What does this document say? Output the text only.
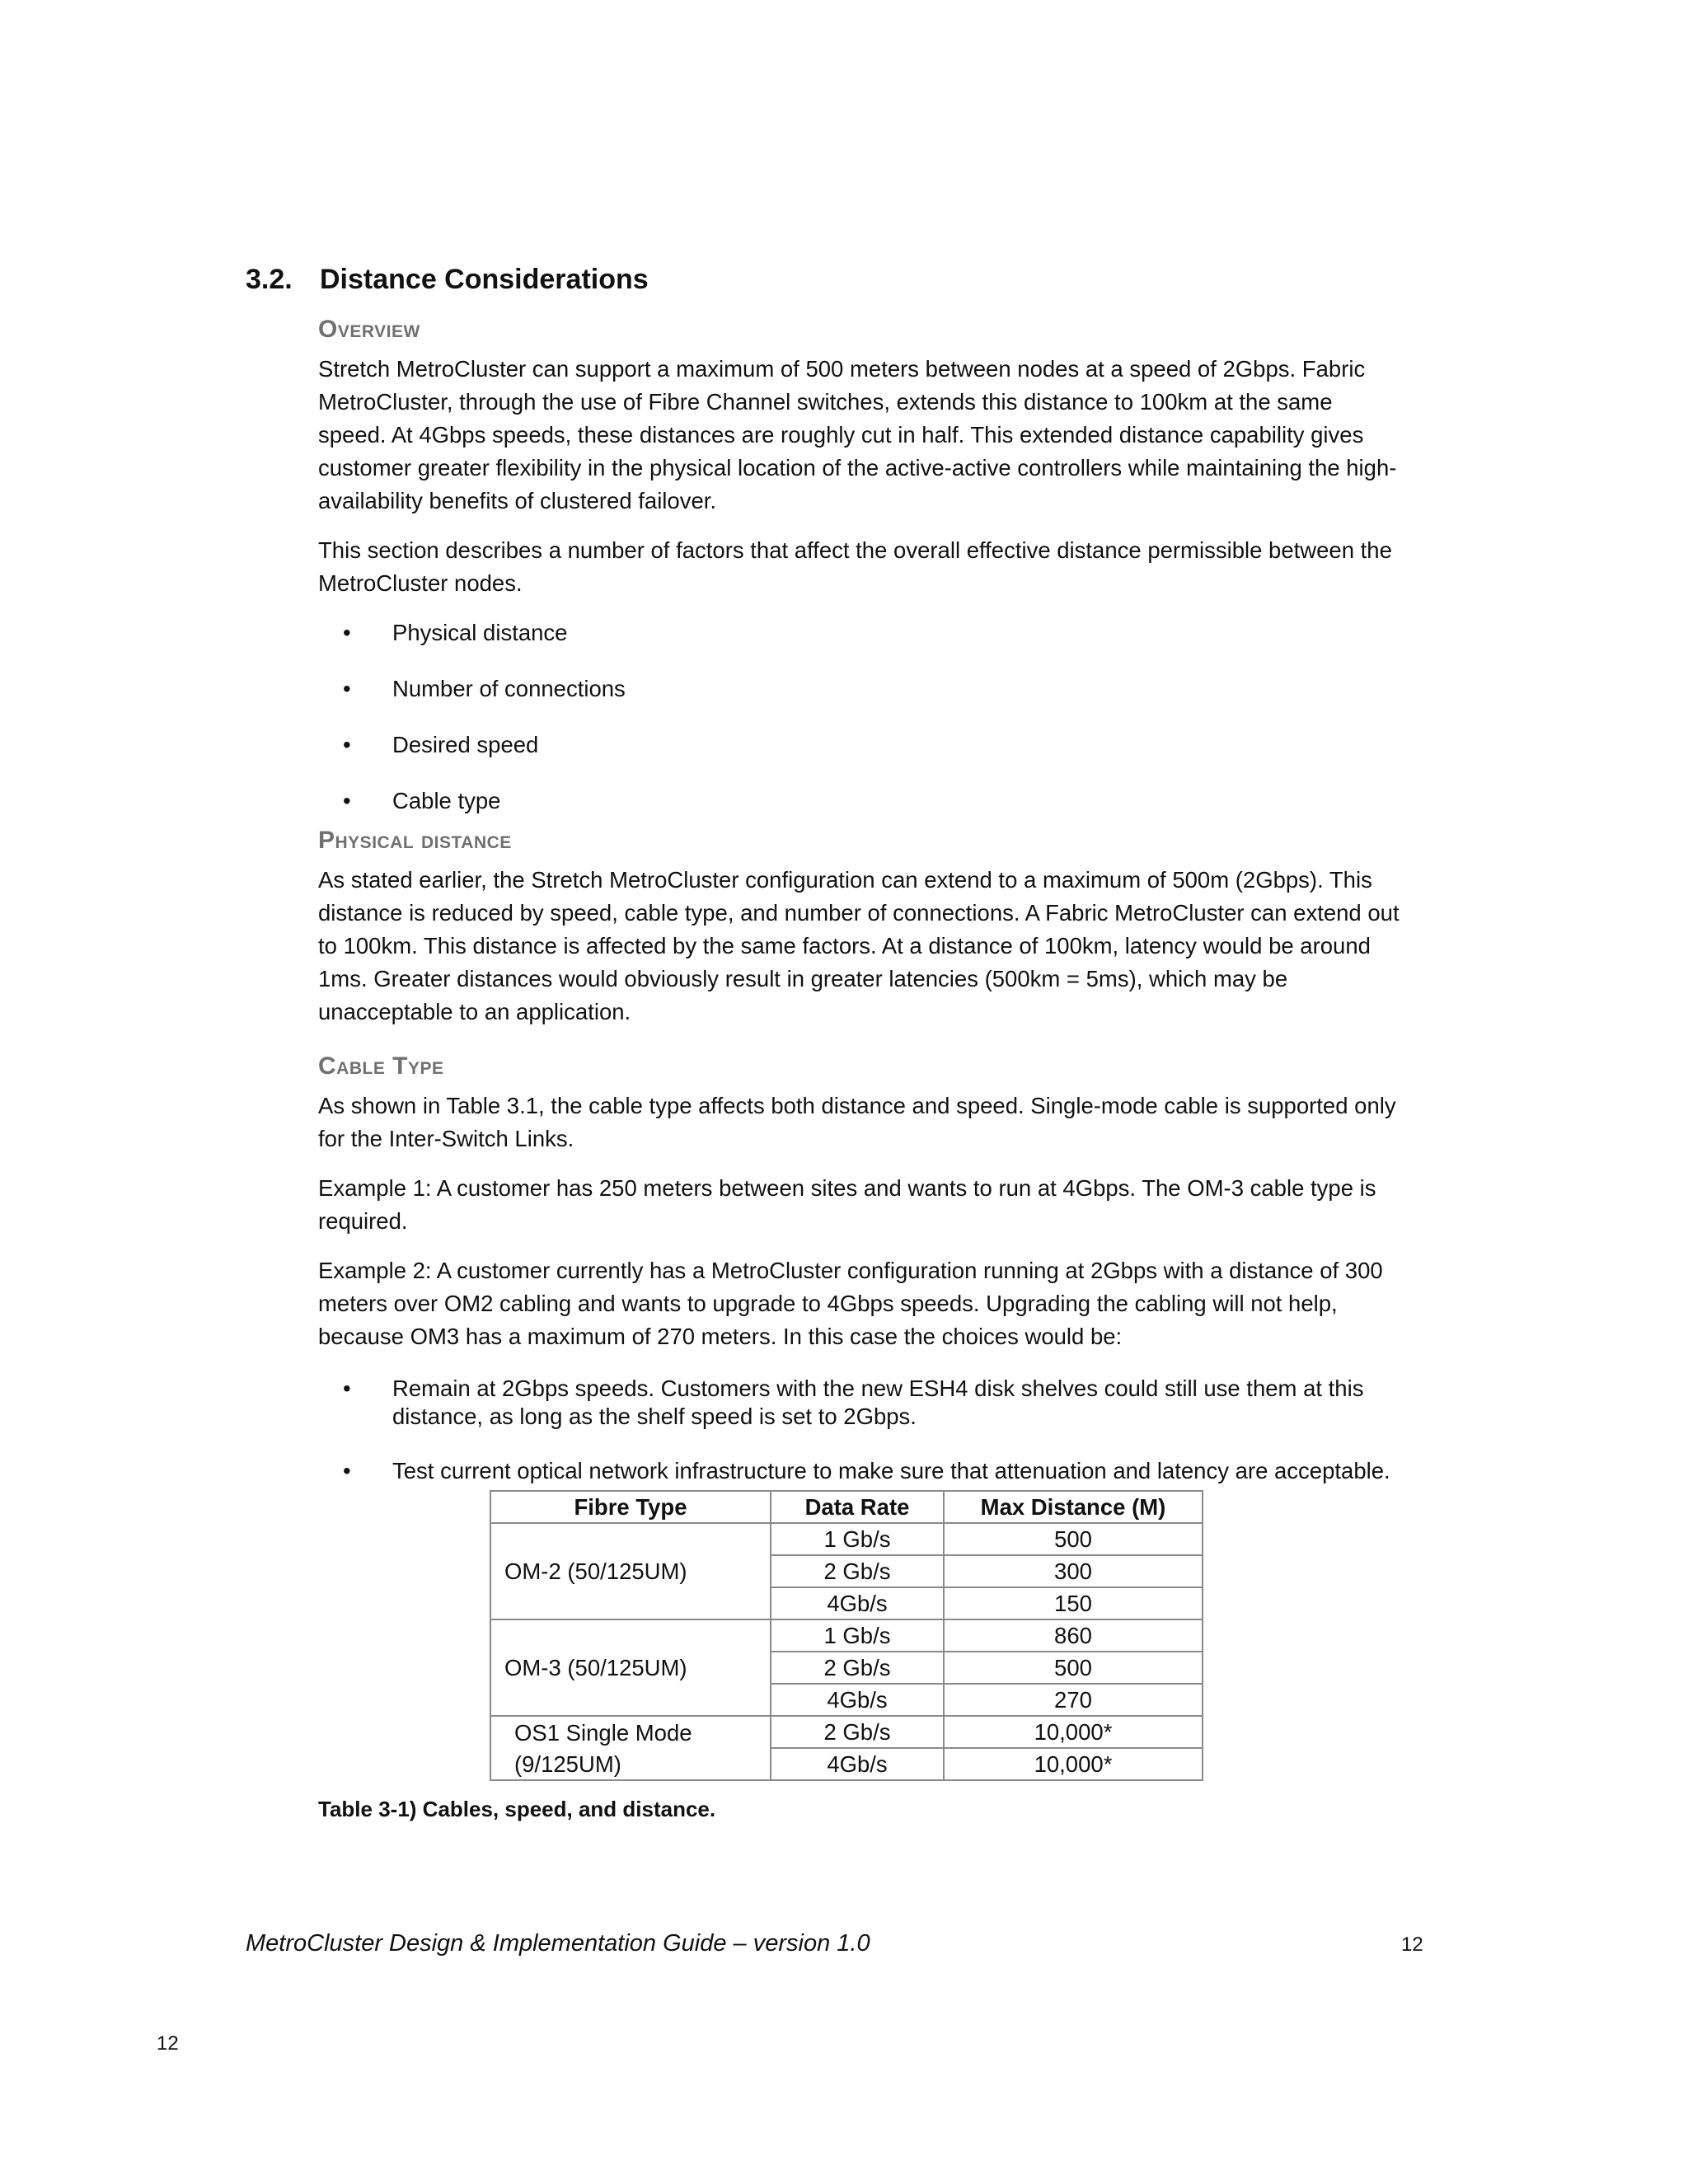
3.2. Distance Considerations
Overview

Stretch MetroCluster can support a maximum of 500 meters between nodes at a speed of 2Gbps. Fabric MetroCluster, through the use of Fibre Channel switches, extends this distance to 100km at the same speed. At 4Gbps speeds, these distances are roughly cut in half. This extended distance capability gives customer greater flexibility in the physical location of the active-active controllers while maintaining the high-availability benefits of clustered failover.

This section describes a number of factors that affect the overall effective distance permissible between the MetroCluster nodes.

• Physical distance
• Number of connections
• Desired speed
• Cable type
Physical distance

As stated earlier, the Stretch MetroCluster configuration can extend to a maximum of 500m (2Gbps). This distance is reduced by speed, cable type, and number of connections. A Fabric MetroCluster can extend out to 100km. This distance is affected by the same factors. At a distance of 100km, latency would be around 1ms. Greater distances would obviously result in greater latencies (500km = 5ms), which may be unacceptable to an application.

Cable Type

As shown in Table 3.1, the cable type affects both distance and speed. Single-mode cable is supported only for the Inter-Switch Links.

Example 1: A customer has 250 meters between sites and wants to run at 4Gbps. The OM-3 cable type is required.

Example 2: A customer currently has a MetroCluster configuration running at 2Gbps with a distance of 300 meters over OM2 cabling and wants to upgrade to 4Gbps speeds. Upgrading the cabling will not help, because OM3 has a maximum of 270 meters. In this case the choices would be:

• Remain at 2Gbps speeds. Customers with the new ESH4 disk shelves could still use them at this distance, as long as the shelf speed is set to 2Gbps.
• Test current optical network infrastructure to make sure that attenuation and latency are acceptable.
Fibre Type	Data Rate	Max Distance (M)
OM-2 (50/125UM)	1 Gb/s	500
	2 Gb/s	300
	4Gb/s	150
OM-3 (50/125UM)	1 Gb/s	860
	2 Gb/s	500
	4Gb/s	270
OS1 Single Mode	2 Gb/s	10,000*
(9/125UM)	4Gb/s	10,000*
Table 3-1) Cables, speed, and distance.
MetroCluster Design & Implementation Guide – version 1.0	12
12
